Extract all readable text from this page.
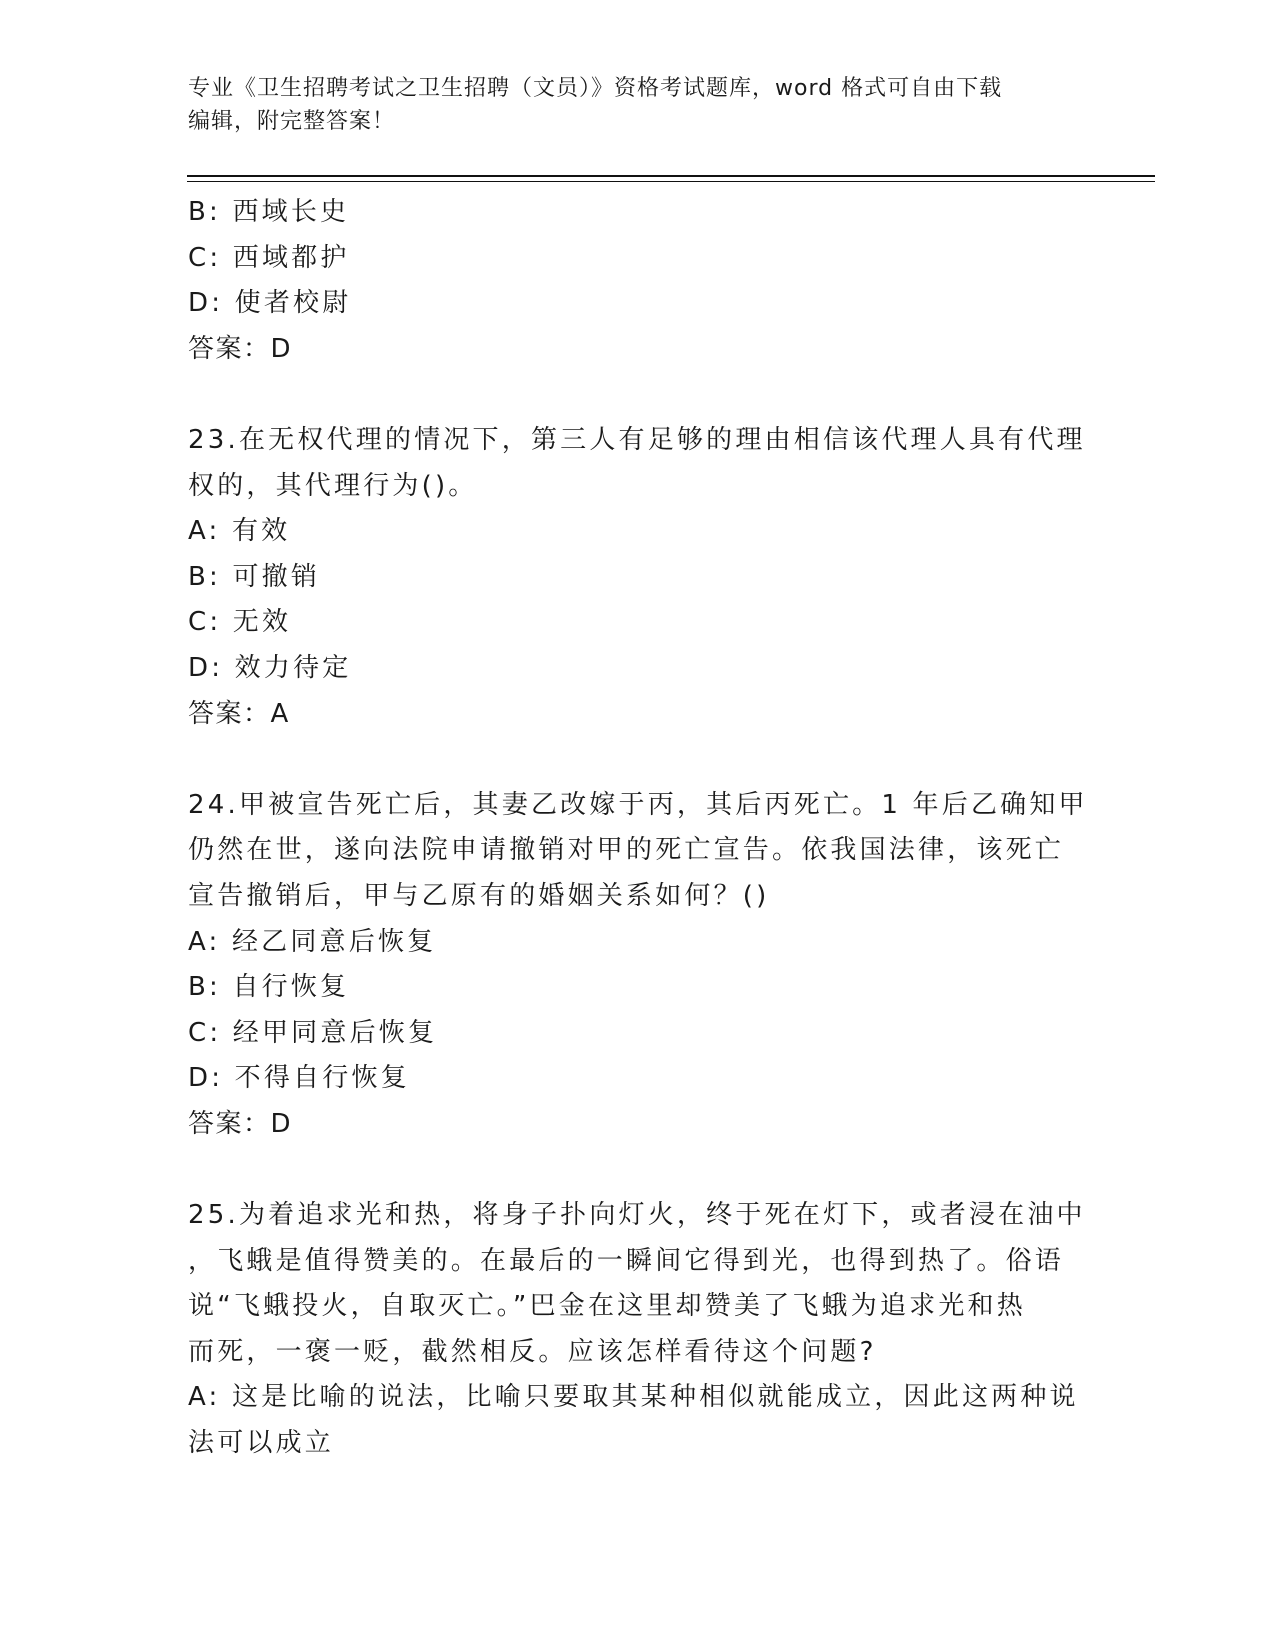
专业《卫生招聘考试之卫生招聘（文员）》资格考试题库，word 格式可自由下载
编辑，附完整答案！
B: 西域长史
C: 西域都护
D: 使者校尉
答案：D
23.在无权代理的情况下，第三人有足够的理由相信该代理人具有代理
权的，其代理行为()。
A: 有效
B: 可撤销
C: 无效
D: 效力待定
答案：A
24.甲被宣告死亡后，其妻乙改嫁于丙，其后丙死亡。1 年后乙确知甲
仍然在世，遂向法院申请撤销对甲的死亡宣告。依我国法律，该死亡
宣告撤销后，甲与乙原有的婚姻关系如何？()
A: 经乙同意后恢复
B: 自行恢复
C: 经甲同意后恢复
D: 不得自行恢复
答案：D
25.为着追求光和热，将身子扑向灯火，终于死在灯下，或者浸在油中
，飞蛾是值得赞美的。在最后的一瞬间它得到光，也得到热了。俗语
说“飞蛾投火，自取灭亡。”巴金在这里却赞美了飞蛾为追求光和热
而死，一褒一贬，截然相反。应该怎样看待这个问题?
A: 这是比喻的说法，比喻只要取其某种相似就能成立，因此这两种说
法可以成立
